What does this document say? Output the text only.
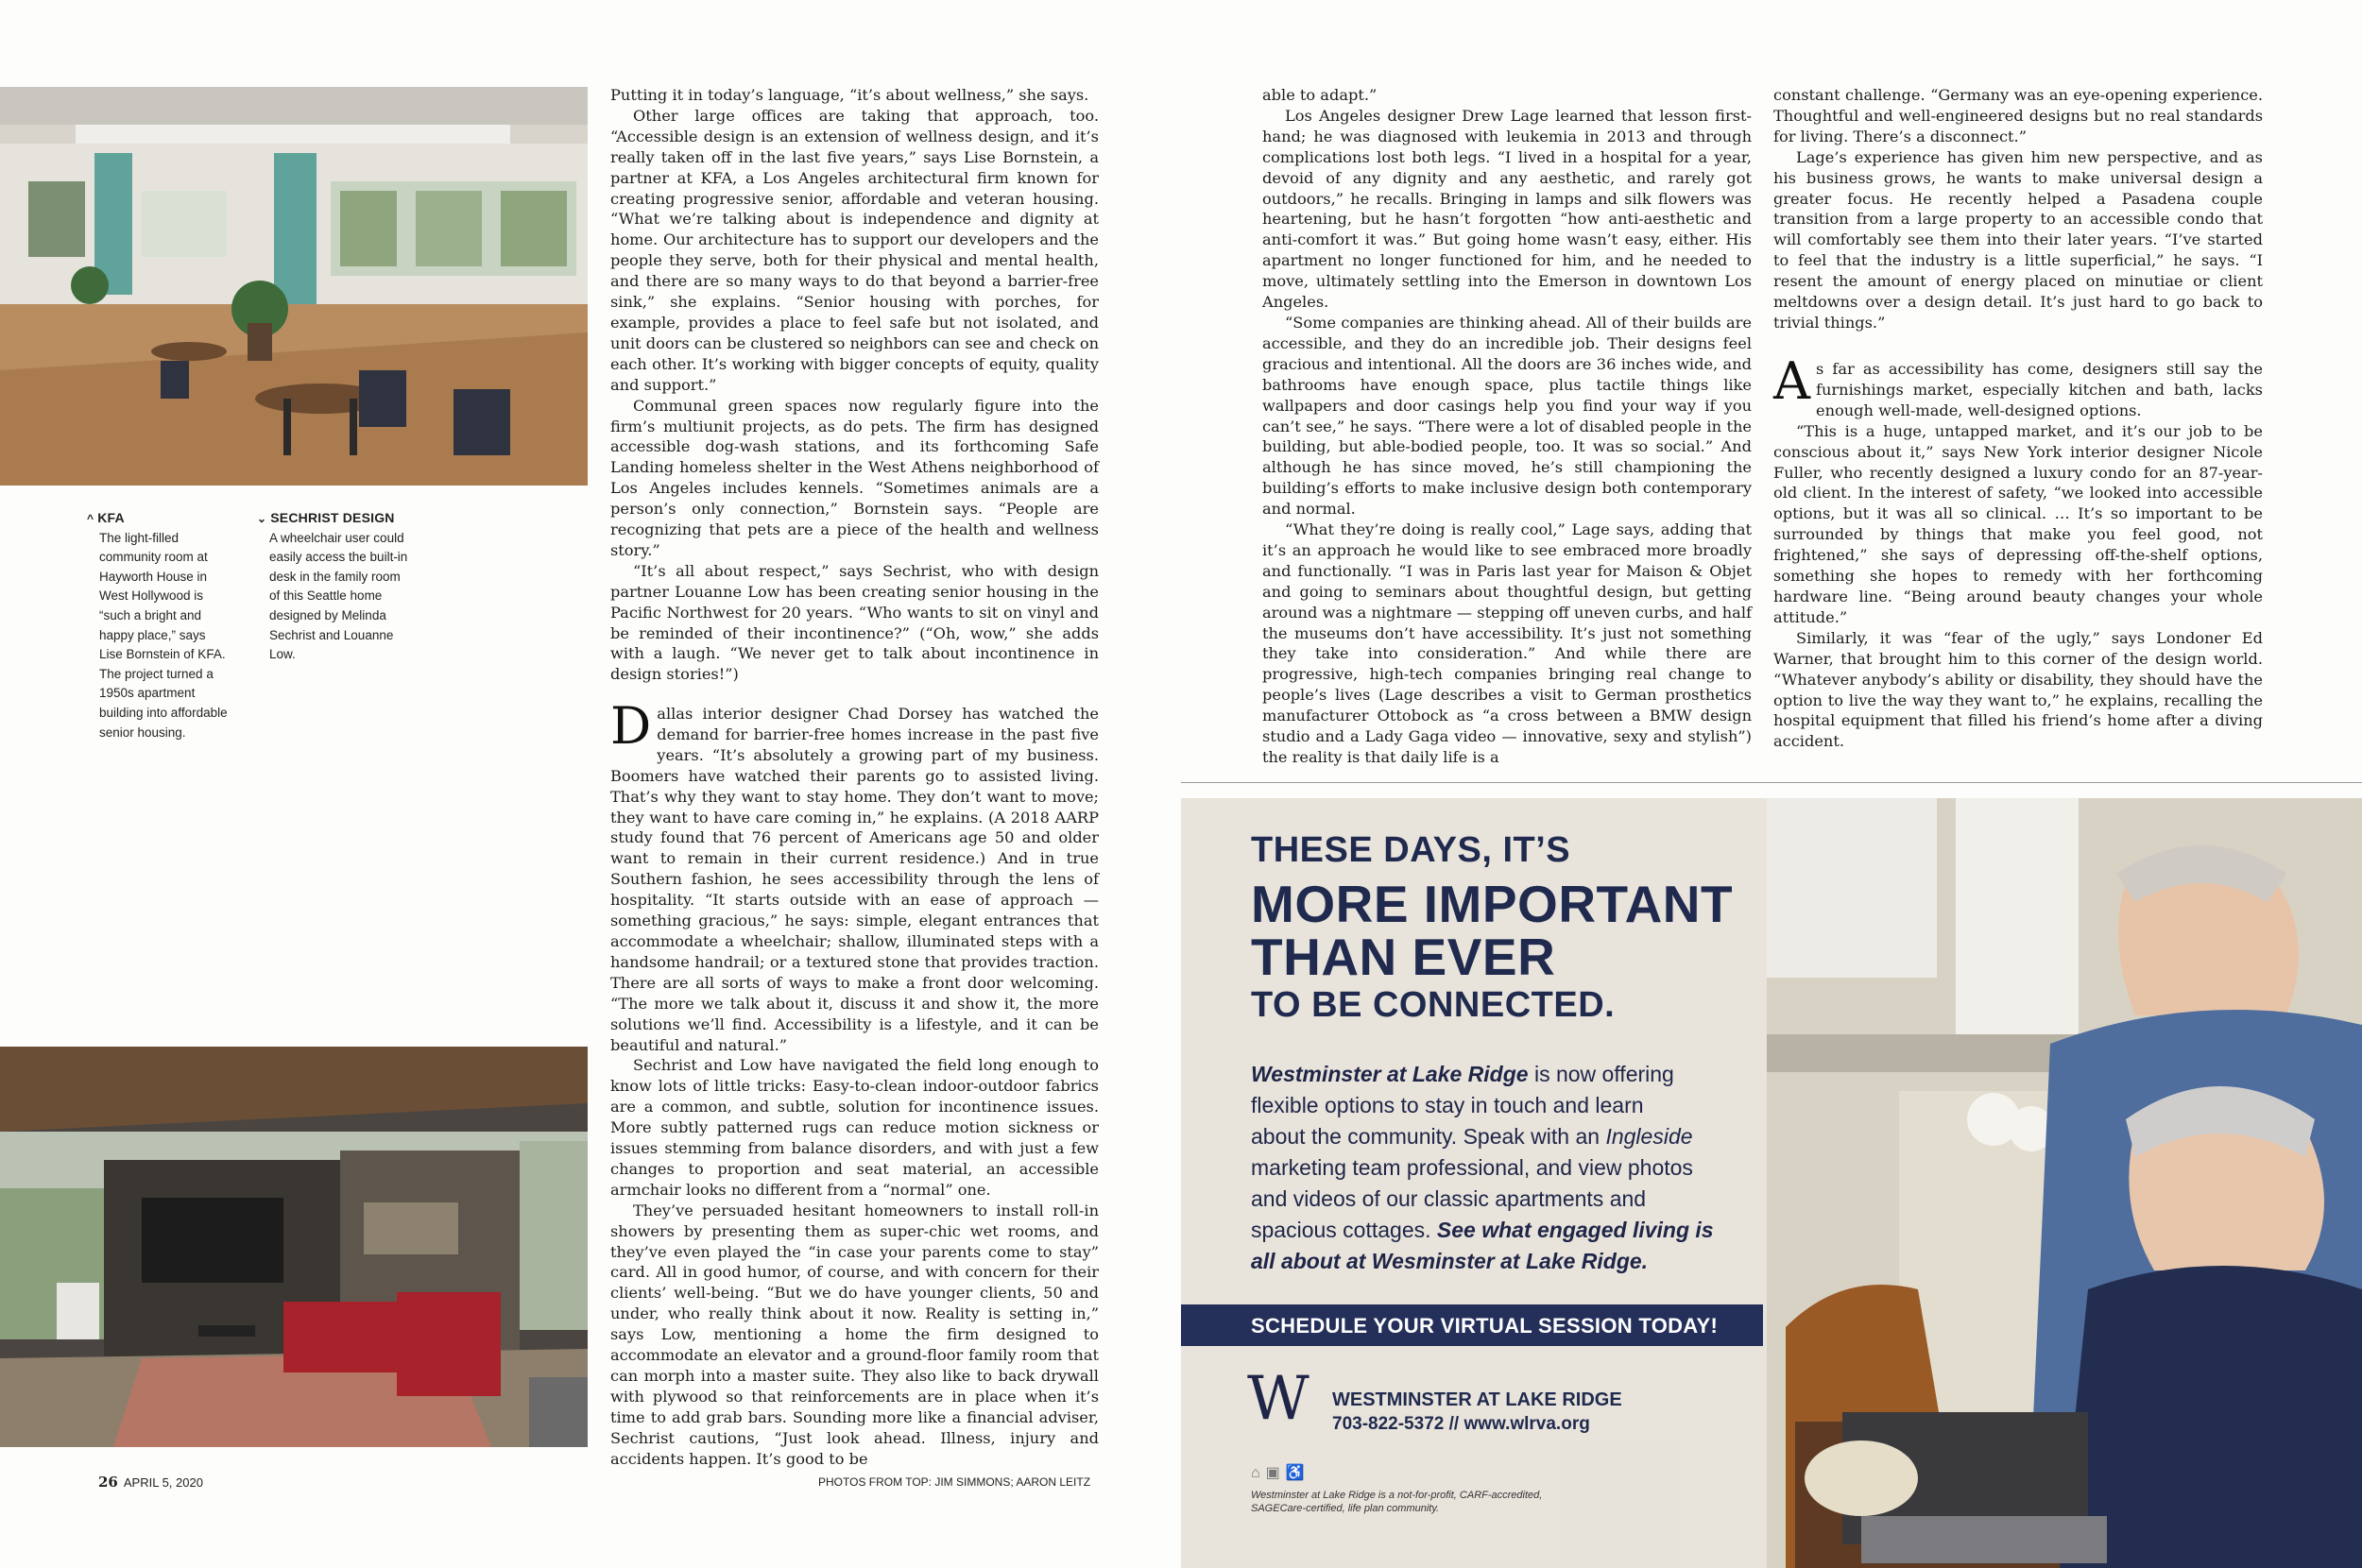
^ KFA
The light-filled community room at Hayworth House in West Hollywood is “such a bright and happy place,” says Lise Bornstein of KFA. The project turned a 1950s apartment building into affordable senior housing.
⌄ SECHRIST DESIGN
A wheelchair user could easily access the built-in desk in the family room of this Seattle home designed by Melinda Sechrist and Louanne Low.

Putting it in today’s language, “it’s about wellness,” she says.

Other large offices are taking that approach, too. “Accessible design is an extension of wellness design, and it’s really taken off in the last five years,” says Lise Bornstein, a partner at KFA, a Los Angeles architectural firm known for creating progressive senior, affordable and veteran housing. “What we’re talking about is independence and dignity at home. Our architecture has to support our developers and the people they serve, both for their physical and mental health, and there are so many ways to do that beyond a barrier-free sink,” she explains. “Senior housing with porches, for example, provides a place to feel safe but not isolated, and unit doors can be clustered so neighbors can see and check on each other. It’s working with bigger concepts of equity, quality and support.”

Communal green spaces now regularly figure into the firm’s multiunit projects, as do pets. The firm has designed accessible dog-wash stations, and its forthcoming Safe Landing homeless shelter in the West Athens neighborhood of Los Angeles includes kennels. “Sometimes animals are a person’s only connection,” Bornstein says. “People are recognizing that pets are a piece of the health and wellness story.”

“It’s all about respect,” says Sechrist, who with design partner Louanne Low has been creating senior housing in the Pacific Northwest for 20 years. “Who wants to sit on vinyl and be reminded of their incontinence?” (“Oh, wow,” she adds with a laugh. “We never get to talk about incontinence in design stories!”)

Dallas interior designer Chad Dorsey has watched the demand for barrier-free homes increase in the past five years. “It’s absolutely a growing part of my business. Boomers have watched their parents go to assisted living. That’s why they want to stay home. They don’t want to move; they want to have care coming in,” he explains. (A 2018 AARP study found that 76 percent of Americans age 50 and older want to remain in their current residence.) And in true Southern fashion, he sees accessibility through the lens of hospitality. “It starts outside with an ease of approach — something gracious,” he says: simple, elegant entrances that accommodate a wheelchair; shallow, illuminated steps with a handsome handrail; or a textured stone that provides traction. There are all sorts of ways to make a front door welcoming. “The more we talk about it, discuss it and show it, the more solutions we’ll find. Accessibility is a lifestyle, and it can be beautiful and natural.”

Sechrist and Low have navigated the field long enough to know lots of little tricks: Easy-to-clean indoor-outdoor fabrics are a common, and subtle, solution for incontinence issues. More subtly patterned rugs can reduce motion sickness or issues stemming from balance disorders, and with just a few changes to proportion and seat material, an accessible armchair looks no different from a “normal” one.

They’ve persuaded hesitant homeowners to install roll-in showers by presenting them as super-chic wet rooms, and they’ve even played the “in case your parents come to stay” card. All in good humor, of course, and with concern for their clients’ well-being. “But we do have younger clients, 50 and under, who really think about it now. Reality is setting in,” says Low, mentioning a home the firm designed to accommodate an elevator and a ground-floor family room that can morph into a master suite. They also like to back drywall with plywood so that reinforcements are in place when it’s time to add grab bars. Sounding more like a financial adviser, Sechrist cautions, “Just look ahead. Illness, injury and accidents happen. It’s good to be

able to adapt.”

Los Angeles designer Drew Lage learned that lesson first-hand; he was diagnosed with leukemia in 2013 and through complications lost both legs. “I lived in a hospital for a year, devoid of any dignity and any aesthetic, and rarely got outdoors,” he recalls. Bringing in lamps and silk flowers was heartening, but he hasn’t forgotten “how anti-aesthetic and anti-comfort it was.” But going home wasn’t easy, either. His apartment no longer functioned for him, and he needed to move, ultimately settling into the Emerson in downtown Los Angeles.

“Some companies are thinking ahead. All of their builds are accessible, and they do an incredible job. Their designs feel gracious and intentional. All the doors are 36 inches wide, and bathrooms have enough space, plus tactile things like wallpapers and door casings help you find your way if you can’t see,” he says. “There were a lot of disabled people in the building, but able-bodied people, too. It was so social.” And although he has since moved, he’s still championing the building’s efforts to make inclusive design both contemporary and normal.

“What they’re doing is really cool,” Lage says, adding that it’s an approach he would like to see embraced more broadly and functionally. “I was in Paris last year for Maison & Objet and going to seminars about thoughtful design, but getting around was a nightmare — stepping off uneven curbs, and half the museums don’t have accessibility. It’s just not something they take into consideration.” And while there are progressive, high-tech companies bringing real change to people’s lives (Lage describes a visit to German prosthetics manufacturer Ottobock as “a cross between a BMW design studio and a Lady Gaga video — innovative, sexy and stylish”) the reality is that daily life is a

constant challenge. “Germany was an eye-opening experience. Thoughtful and well-engineered designs but no real standards for living. There’s a disconnect.”

Lage’s experience has given him new perspective, and as his business grows, he wants to make universal design a greater focus. He recently helped a Pasadena couple transition from a large property to an accessible condo that will comfortably see them into their later years. “I’ve started to feel that the industry is a little superficial,” he says. “I resent the amount of energy placed on minutiae or client meltdowns over a design detail. It’s just hard to go back to trivial things.”

As far as accessibility has come, designers still say the furnishings market, especially kitchen and bath, lacks enough well-made, well-designed options.

“This is a huge, untapped market, and it’s our job to be conscious about it,” says New York interior designer Nicole Fuller, who recently designed a luxury condo for an 87-year-old client. In the interest of safety, “we looked into accessible options, but it was all so clinical. … It’s so important to be surrounded by things that make you feel good, not frightened,” she says of depressing off-the-shelf options, something she hopes to remedy with her forthcoming hardware line. “Being around beauty changes your whole attitude.”

Similarly, it was “fear of the ugly,” says Londoner Ed Warner, that brought him to this corner of the design world. “Whatever anybody’s ability or disability, they should have the option to live the way they want to,” he explains, recalling the hospital equipment that filled his friend’s home after a diving accident.

26 APRIL 5, 2020	PHOTOS FROM TOP: JIM SIMMONS; AARON LEITZ
THESE DAYS, IT’S
MORE IMPORTANT
THAN EVER
TO BE CONNECTED.
Westminster at Lake Ridge is now offering
flexible options to stay in touch and learn
about the community. Speak with an Ingleside
marketing team professional, and view photos
and videos of our classic apartments and
spacious cottages. See what engaged living is
all about at Wesminster at Lake Ridge.
SCHEDULE YOUR VIRTUAL SESSION TODAY!
W WESTMINSTER AT LAKE RIDGE
703-822-5372 // www.wlrva.org
⌂▣♿
Westminster at Lake Ridge is a not-for-profit, CARF-accredited,
SAGECare-certified, life plan community.
